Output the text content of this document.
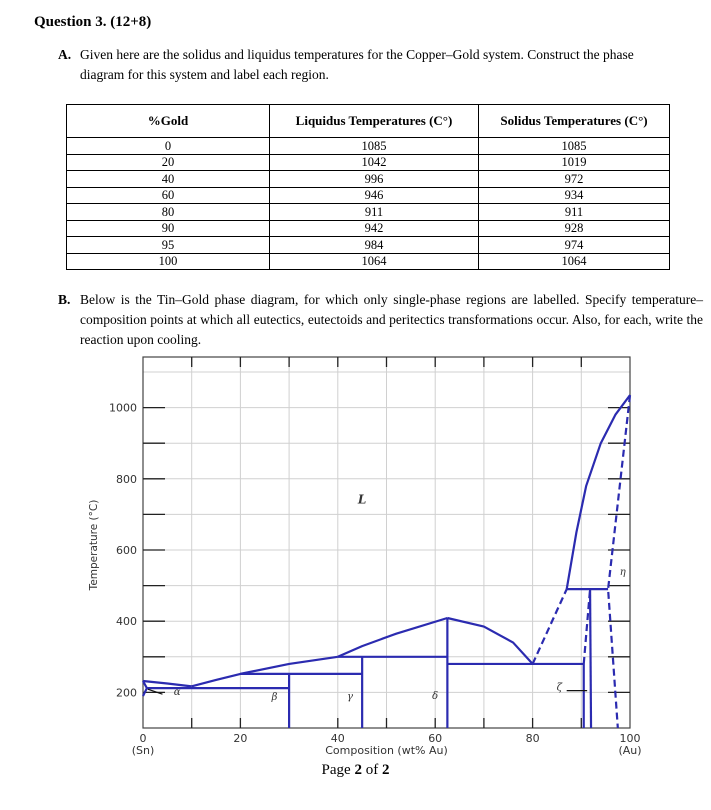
Question 3. (12+8)
A. Given here are the solidus and liquidus temperatures for the Copper–Gold system. Construct the phase diagram for this system and label each region.
%Gold	Liquidus Temperatures (C°)	Solidus Temperatures (C°)
0	1085	1085
20	1042	1019
40	996	972
60	946	934
80	911	911
90	942	928
95	984	974
100	1064	1064
B. Below is the Tin–Gold phase diagram, for which only single-phase regions are labelled. Specify temperature–composition points at which all eutectics, eutectoids and peritectics transformations occur. Also, for each, write the reaction upon cooling.
0
(Sn)
20	40	60	80	100
(Au)
200
400
600
800
1000
Composition (wt% Au)
Temperature (°C)	L
η
α	β	γ	δ
ζ
Page 2 of 2
